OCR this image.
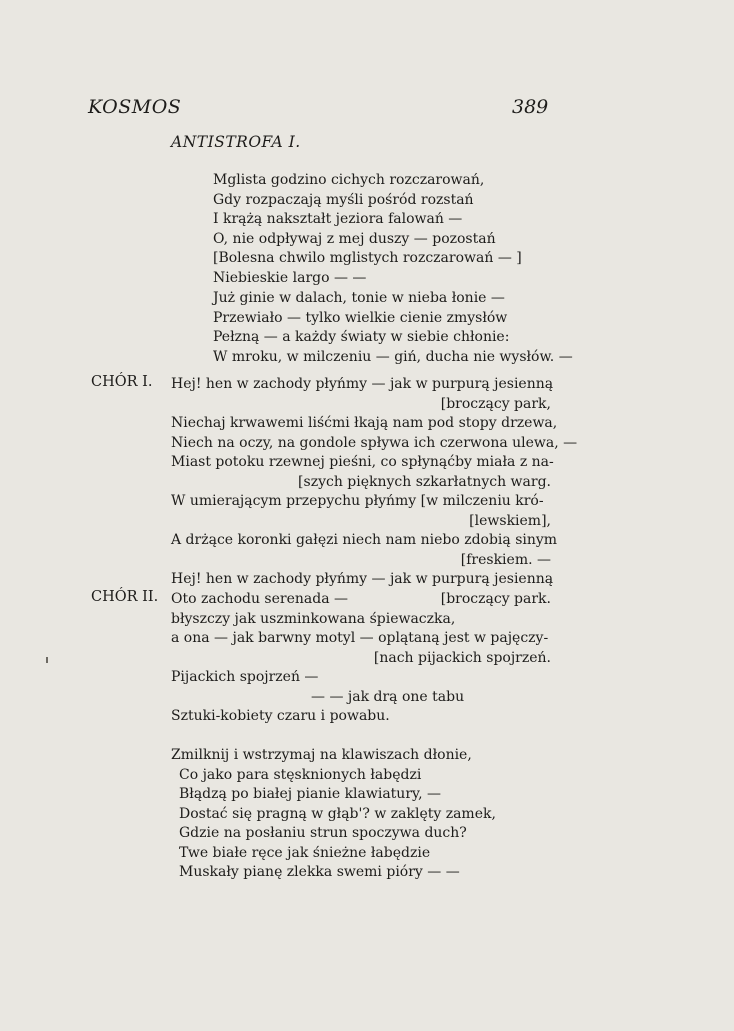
KOSMOS	389
ANTISTROFA I.
Mglista godzino cichych rozczarowań,
Gdy rozpaczają myśli pośród rozstań
I krążą nakształt jeziora falowań —
O, nie odpływaj z mej duszy — pozostań
[Bolesna chwilo mglistych rozczarowań — ]
Niebieskie largo — —
Już ginie w dalach, tonie w nieba łonie —
Przewiało — tylko wielkie cienie zmysłów
Pełzną — a każdy światy w siebie chłonie:
W mroku, w milczeniu — giń, ducha nie wysłów. —
CHÓR I. Hej! hen w zachody płyńmy — jak w purpurą jesienną
[broczący park,
Niechaj krwawemi liśćmi łkają nam pod stopy drzewa,
Niech na oczy, na gondole spływa ich czerwona ulewa, —
Miast potoku rzewnej pieśni, co spłynąćby miała z na-
[szych pięknych szkarłatnych warg.
W umierającym przepychu płyńmy [w milczeniu kró-
[lewskiem],
A drżące koronki gałęzi niech nam niebo zdobią sinym
[freskiem. —
Hej! hen w zachody płyńmy — jak w purpurą jesienną
[broczący park.
CHÓR II. Oto zachodu serenada —
błyszczy jak uszminkowana śpiewaczka,
a ona — jak barwny motyl — oplątaną jest w pajęczy-
[nach pijackich spojrzeń.
Pijackich spojrzeń —
— — jak drą one tabu
Sztuki-kobiety czaru i powabu.
Zmilknij i wstrzymaj na klawiszach dłonie,
Co jako para stęsknionych łabędzi
Błądzą po białej pianie klawiatury, —
Dostać się pragną w głąb'? w zaklęty zamek,
Gdzie na posłaniu strun spoczywa duch?
Twe białe ręce jak śnieżne łabędzie
Muskały pianę zlekka swemi pióry — —
